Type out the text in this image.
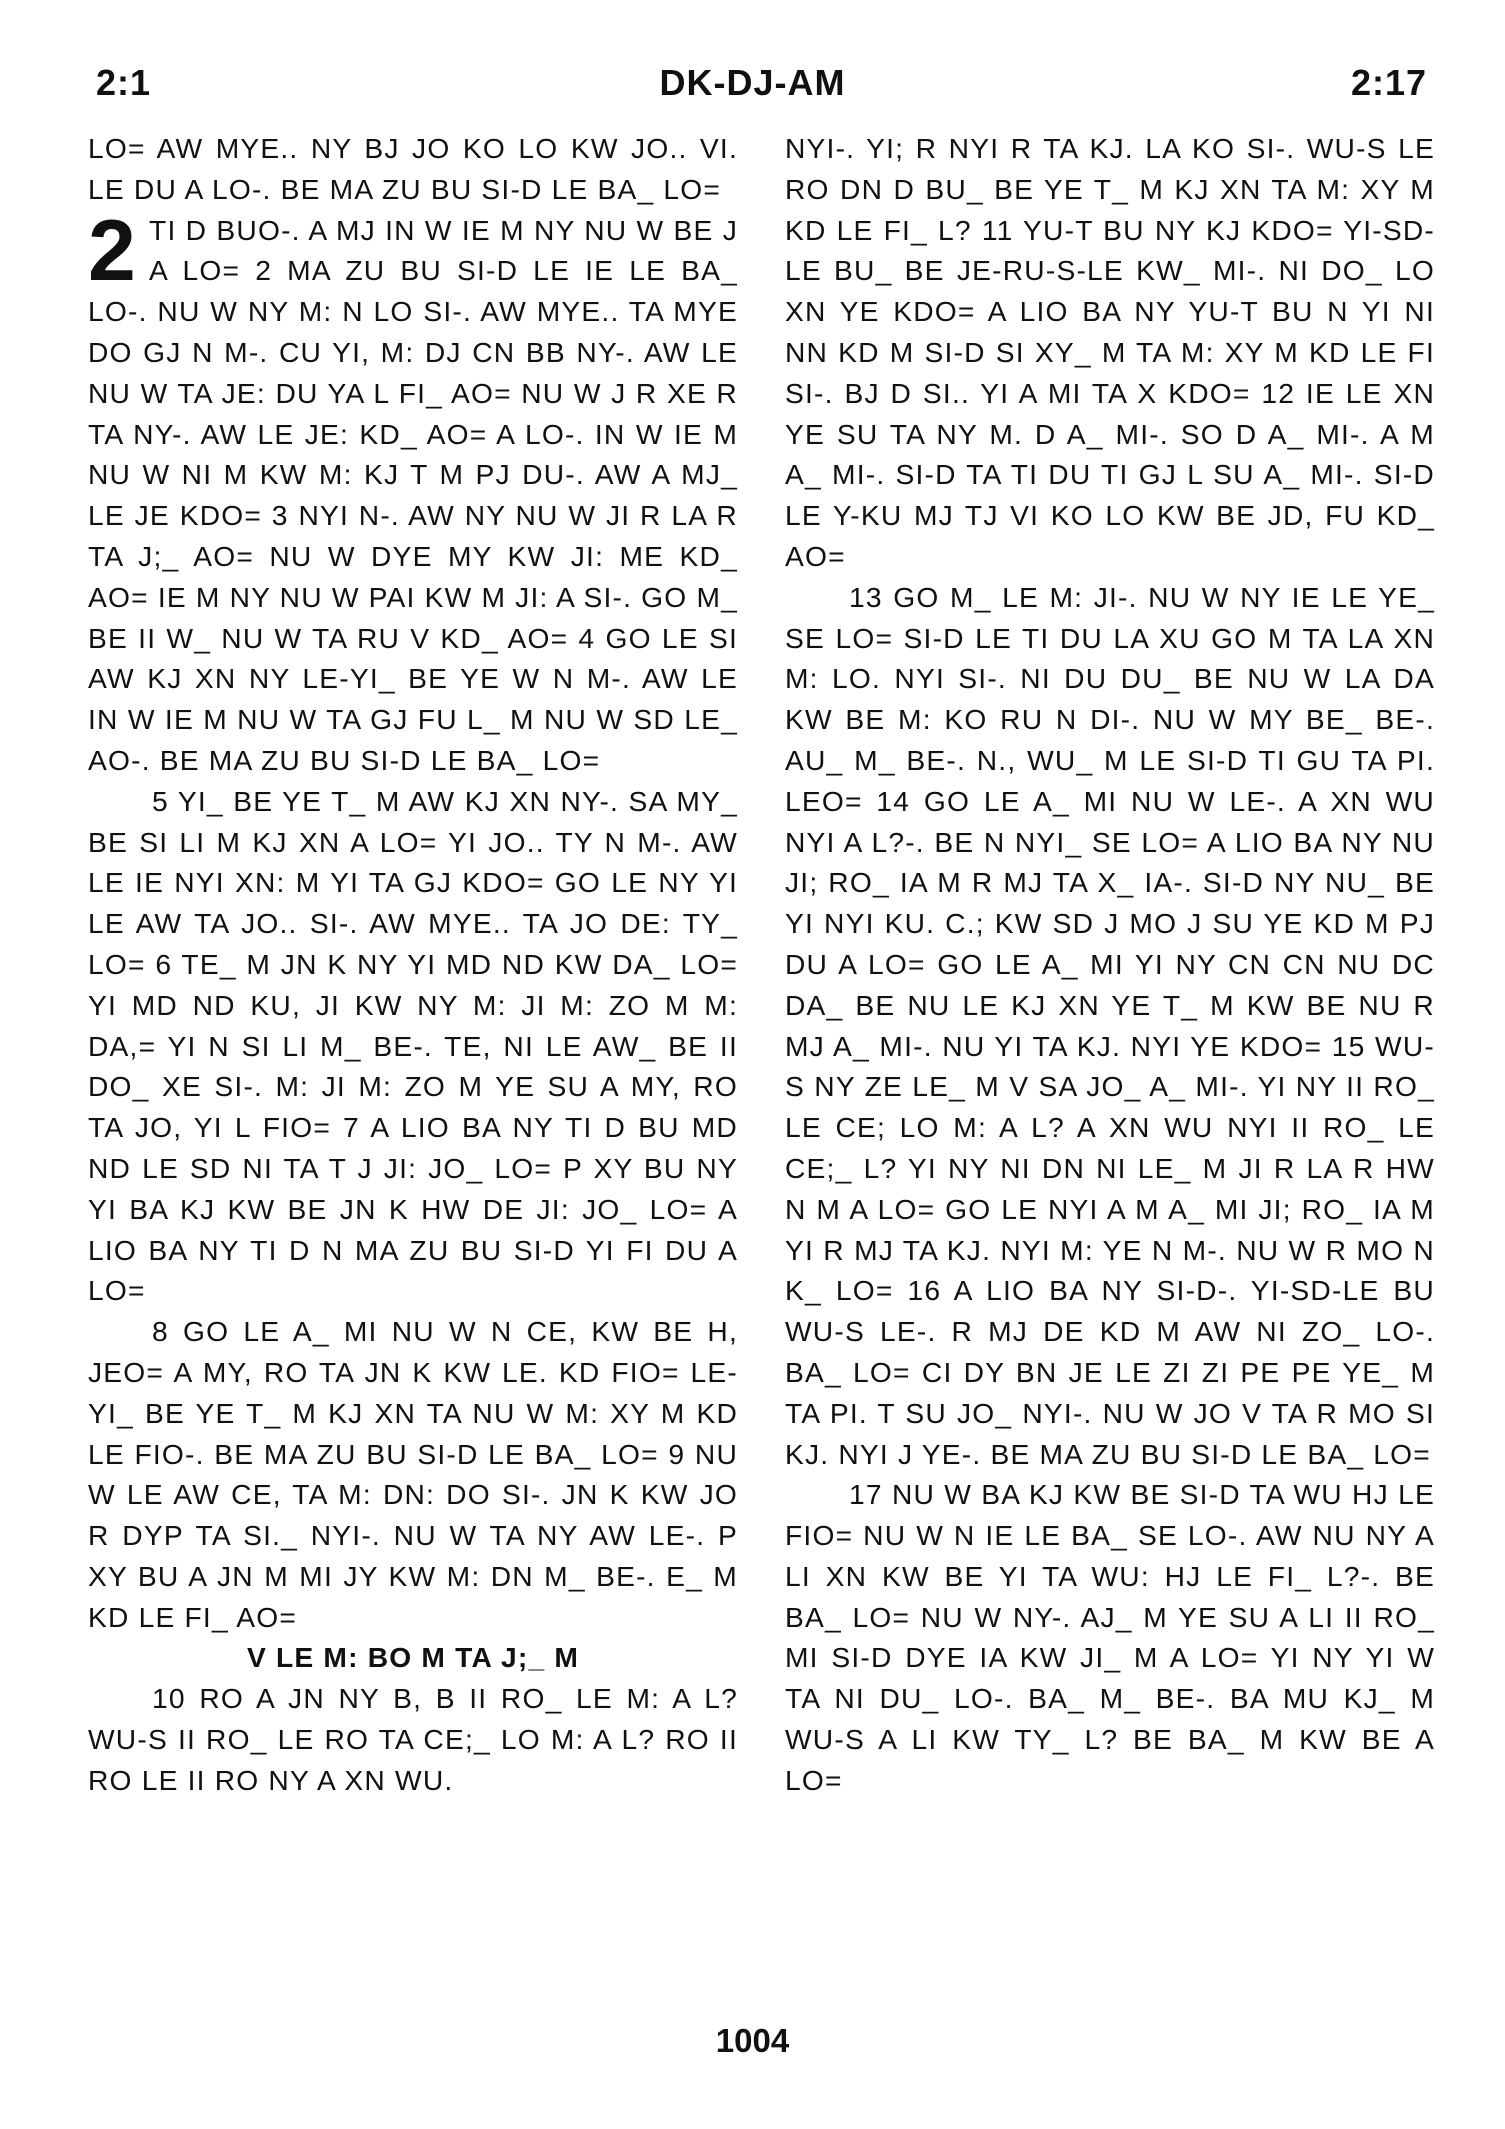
2:1	DK-DJ-AM	2:17

LO= AW MYE.. NY BJ JO KO LO KW JO.. VI. LE DU A LO-. BE MA ZU BU SI-D LE BA_ LO=

2 TI D BUO-. A MJ IN W IE M NY NU W BE J A LO= 2 MA ZU BU SI-D LE IE LE BA_ LO-. NU W NY M: N LO SI-. AW MYE.. TA MYE DO GJ N M-. CU YI, M: DJ CN BB NY-. AW LE NU W TA JE: DU YA L FI_ AO= NU W J R XE R TA NY-. AW LE JE: KD_ AO= A LO-. IN W IE M NU W NI M KW M: KJ T M PJ DU-. AW A MJ_ LE JE KDO= 3 NYI N-. AW NY NU W JI R LA R TA J;_ AO= NU W DYE MY KW JI: ME KD_ AO= IE M NY NU W PAI KW M JI: A SI-. GO M_ BE II W_ NU W TA RU V KD_ AO= 4 GO LE SI AW KJ XN NY LE-YI_ BE YE W N M-. AW LE IN W IE M NU W TA GJ FU L_ M NU W SD LE_ AO-. BE MA ZU BU SI-D LE BA_ LO=

5 YI_ BE YE T_ M AW KJ XN NY-. SA MY_ BE SI LI M KJ XN A LO= YI JO.. TY N M-. AW LE IE NYI XN: M YI TA GJ KDO= GO LE NY YI LE AW TA JO.. SI-. AW MYE.. TA JO DE: TY_ LO= 6 TE_ M JN K NY YI MD ND KW DA_ LO= YI MD ND KU, JI KW NY M: JI M: ZO M M: DA,= YI N SI LI M_ BE-. TE, NI LE AW_ BE II DO_ XE SI-. M: JI M: ZO M YE SU A MY, RO TA JO, YI L FIO= 7 A LIO BA NY TI D BU MD ND LE SD NI TA T J JI: JO_ LO= P XY BU NY YI BA KJ KW BE JN K HW DE JI: JO_ LO= A LIO BA NY TI D N MA ZU BU SI-D YI FI DU A LO=

8 GO LE A_ MI NU W N CE, KW BE H, JEO= A MY, RO TA JN K KW LE. KD FIO= LE-YI_ BE YE T_ M KJ XN TA NU W M: XY M KD LE FIO-. BE MA ZU BU SI-D LE BA_ LO= 9 NU W LE AW CE, TA M: DN: DO SI-. JN K KW JO R DYP TA SI._ NYI-. NU W TA NY AW LE-. P XY BU A JN M MI JY KW M: DN M_ BE-. E_ M KD LE FI_ AO=

V LE M: BO M TA J;_ M

10 RO A JN NY B, B II RO_ LE M: A L? WU-S II RO_ LE RO TA CE;_ LO M: A L? RO II RO LE II RO NY A XN WU.

NYI-. YI; R NYI R TA KJ. LA KO SI-. WU-S LE RO DN D BU_ BE YE T_ M KJ XN TA M: XY M KD LE FI_ L? 11 YU-T BU NY KJ KDO= YI-SD-LE BU_ BE JE-RU-S-LE KW_ MI-. NI DO_ LO XN YE KDO= A LIO BA NY YU-T BU N YI NI NN KD M SI-D SI XY_ M TA M: XY M KD LE FI SI-. BJ D SI.. YI A MI TA X KDO= 12 IE LE XN YE SU TA NY M. D A_ MI-. SO D A_ MI-. A M A_ MI-. SI-D TA TI DU TI GJ L SU A_ MI-. SI-D LE Y-KU MJ TJ VI KO LO KW BE JD, FU KD_ AO=

13 GO M_ LE M: JI-. NU W NY IE LE YE_ SE LO= SI-D LE TI DU LA XU GO M TA LA XN M: LO. NYI SI-. NI DU DU_ BE NU W LA DA KW BE M: KO RU N DI-. NU W MY BE_ BE-. AU_ M_ BE-. N., WU_ M LE SI-D TI GU TA PI. LEO= 14 GO LE A_ MI NU W LE-. A XN WU NYI A L?-. BE N NYI_ SE LO= A LIO BA NY NU JI; RO_ IA M R MJ TA X_ IA-. SI-D NY NU_ BE YI NYI KU. C.; KW SD J MO J SU YE KD M PJ DU A LO= GO LE A_ MI YI NY CN CN NU DC DA_ BE NU LE KJ XN YE T_ M KW BE NU R MJ A_ MI-. NU YI TA KJ. NYI YE KDO= 15 WU-S NY ZE LE_ M V SA JO_ A_ MI-. YI NY II RO_ LE CE; LO M: A L? A XN WU NYI II RO_ LE CE;_ L? YI NY NI DN NI LE_ M JI R LA R HW N M A LO= GO LE NYI A M A_ MI JI; RO_ IA M YI R MJ TA KJ. NYI M: YE N M-. NU W R MO N K_ LO= 16 A LIO BA NY SI-D-. YI-SD-LE BU WU-S LE-. R MJ DE KD M AW NI ZO_ LO-. BA_ LO= CI DY BN JE LE ZI ZI PE PE YE_ M TA PI. T SU JO_ NYI-. NU W JO V TA R MO SI KJ. NYI J YE-. BE MA ZU BU SI-D LE BA_ LO=

17 NU W BA KJ KW BE SI-D TA WU HJ LE FIO= NU W N IE LE BA_ SE LO-. AW NU NY A LI XN KW BE YI TA WU: HJ LE FI_ L?-. BE BA_ LO= NU W NY-. AJ_ M YE SU A LI II RO_ MI SI-D DYE IA KW JI_ M A LO= YI NY YI W TA NI DU_ LO-. BA_ M_ BE-. BA MU KJ_ M WU-S A LI KW TY_ L? BE BA_ M KW BE A LO=

1004
